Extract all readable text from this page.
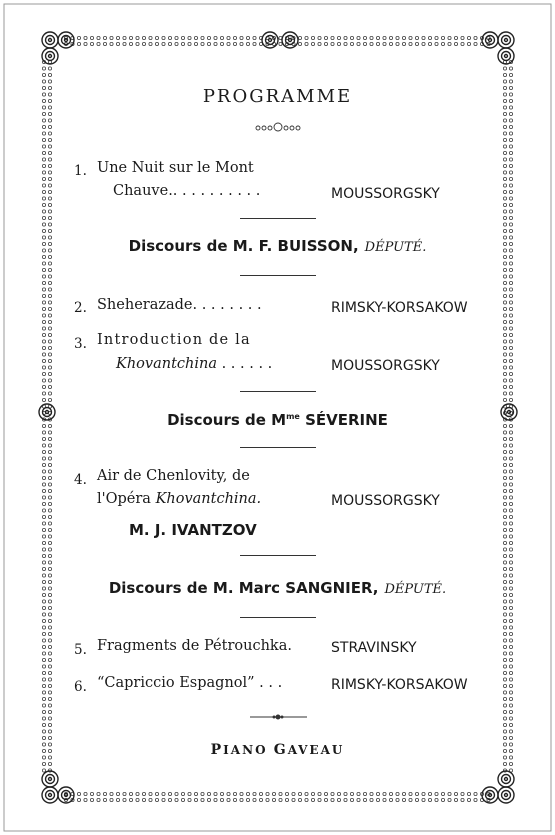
PROGRAMME
1. Une Nuit sur le Mont
Chauve.. . . . . . . . . .	MOUSSORGSKY
Discours de M. F. BUISSON, DÉPUTÉ.
2. Sheherazade. . . . . . . .	RIMSKY-KORSAKOW
3. Introduction de la
Khovantchina . . . . . .	MOUSSORGSKY
Discours de $M^{me}$ SÉVERINE
4. Air de Chenlovity, de
l'Opéra Khovantchina.	MOUSSORGSKY
M. J. IVANTZOV
Discours de M. Marc SANGNIER, DÉPUTÉ.
5. Fragments de Pétrouchka.	STRAVINSKY
6. “Capriccio Espagnol” . . .	RIMSKY-KORSAKOW
PIANO GAVEAU
